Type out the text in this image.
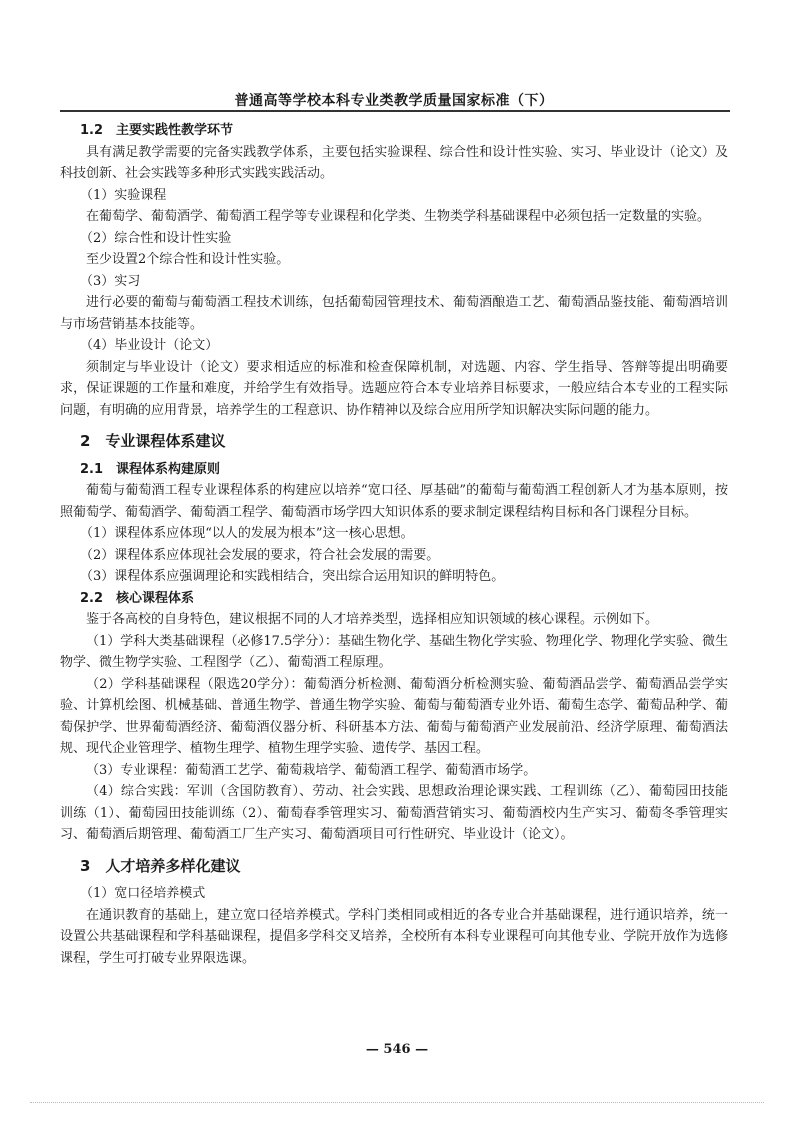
普通高等学校本科专业类教学质量国家标准（下）

1.2　主要实践性教学环节

具有满足教学需要的完备实践教学体系，主要包括实验课程、综合性和设计性实验、实习、毕业设计（论文）及科技创新、社会实践等多种形式实践实践活动。

（1）实验课程

在葡萄学、葡萄酒学、葡萄酒工程学等专业课程和化学类、生物类学科基础课程中必须包括一定数量的实验。

（2）综合性和设计性实验

至少设置2个综合性和设计性实验。

（3）实习

进行必要的葡萄与葡萄酒工程技术训练，包括葡萄园管理技术、葡萄酒酿造工艺、葡萄酒品鉴技能、葡萄酒培训与市场营销基本技能等。

（4）毕业设计（论文）

须制定与毕业设计（论文）要求相适应的标准和检查保障机制，对选题、内容、学生指导、答辩等提出明确要求，保证课题的工作量和难度，并给学生有效指导。选题应符合本专业培养目标要求，一般应结合本专业的工程实际问题，有明确的应用背景，培养学生的工程意识、协作精神以及综合应用所学知识解决实际问题的能力。

2　专业课程体系建议

2.1　课程体系构建原则

葡萄与葡萄酒工程专业课程体系的构建应以培养“宽口径、厚基础”的葡萄与葡萄酒工程创新人才为基本原则，按照葡萄学、葡萄酒学、葡萄酒工程学、葡萄酒市场学四大知识体系的要求制定课程结构目标和各门课程分目标。

（1）课程体系应体现“以人的发展为根本”这一核心思想。

（2）课程体系应体现社会发展的要求，符合社会发展的需要。

（3）课程体系应强调理论和实践相结合，突出综合运用知识的鲜明特色。

2.2　核心课程体系

鉴于各高校的自身特色，建议根据不同的人才培养类型，选择相应知识领域的核心课程。示例如下。

（1）学科大类基础课程（必修17.5学分）：基础生物化学、基础生物化学实验、物理化学、物理化学实验、微生物学、微生物学实验、工程图学（乙）、葡萄酒工程原理。

（2）学科基础课程（限选20学分）：葡萄酒分析检测、葡萄酒分析检测实验、葡萄酒品尝学、葡萄酒品尝学实验、计算机绘图、机械基础、普通生物学、普通生物学实验、葡萄与葡萄酒专业外语、葡萄生态学、葡萄品种学、葡萄保护学、世界葡萄酒经济、葡萄酒仪器分析、科研基本方法、葡萄与葡萄酒产业发展前沿、经济学原理、葡萄酒法规、现代企业管理学、植物生理学、植物生理学实验、遗传学、基因工程。

（3）专业课程：葡萄酒工艺学、葡萄栽培学、葡萄酒工程学、葡萄酒市场学。

（4）综合实践：军训（含国防教育）、劳动、社会实践、思想政治理论课实践、工程训练（乙）、葡萄园田技能训练（1）、葡萄园田技能训练（2）、葡萄春季管理实习、葡萄酒营销实习、葡萄酒校内生产实习、葡萄冬季管理实习、葡萄酒后期管理、葡萄酒工厂生产实习、葡萄酒项目可行性研究、毕业设计（论文）。

3　人才培养多样化建议

（1）宽口径培养模式

在通识教育的基础上，建立宽口径培养模式。学科门类相同或相近的各专业合并基础课程，进行通识培养，统一设置公共基础课程和学科基础课程，提倡多学科交叉培养，全校所有本科专业课程可向其他专业、学院开放作为选修课程，学生可打破专业界限选课。

— 546 —
